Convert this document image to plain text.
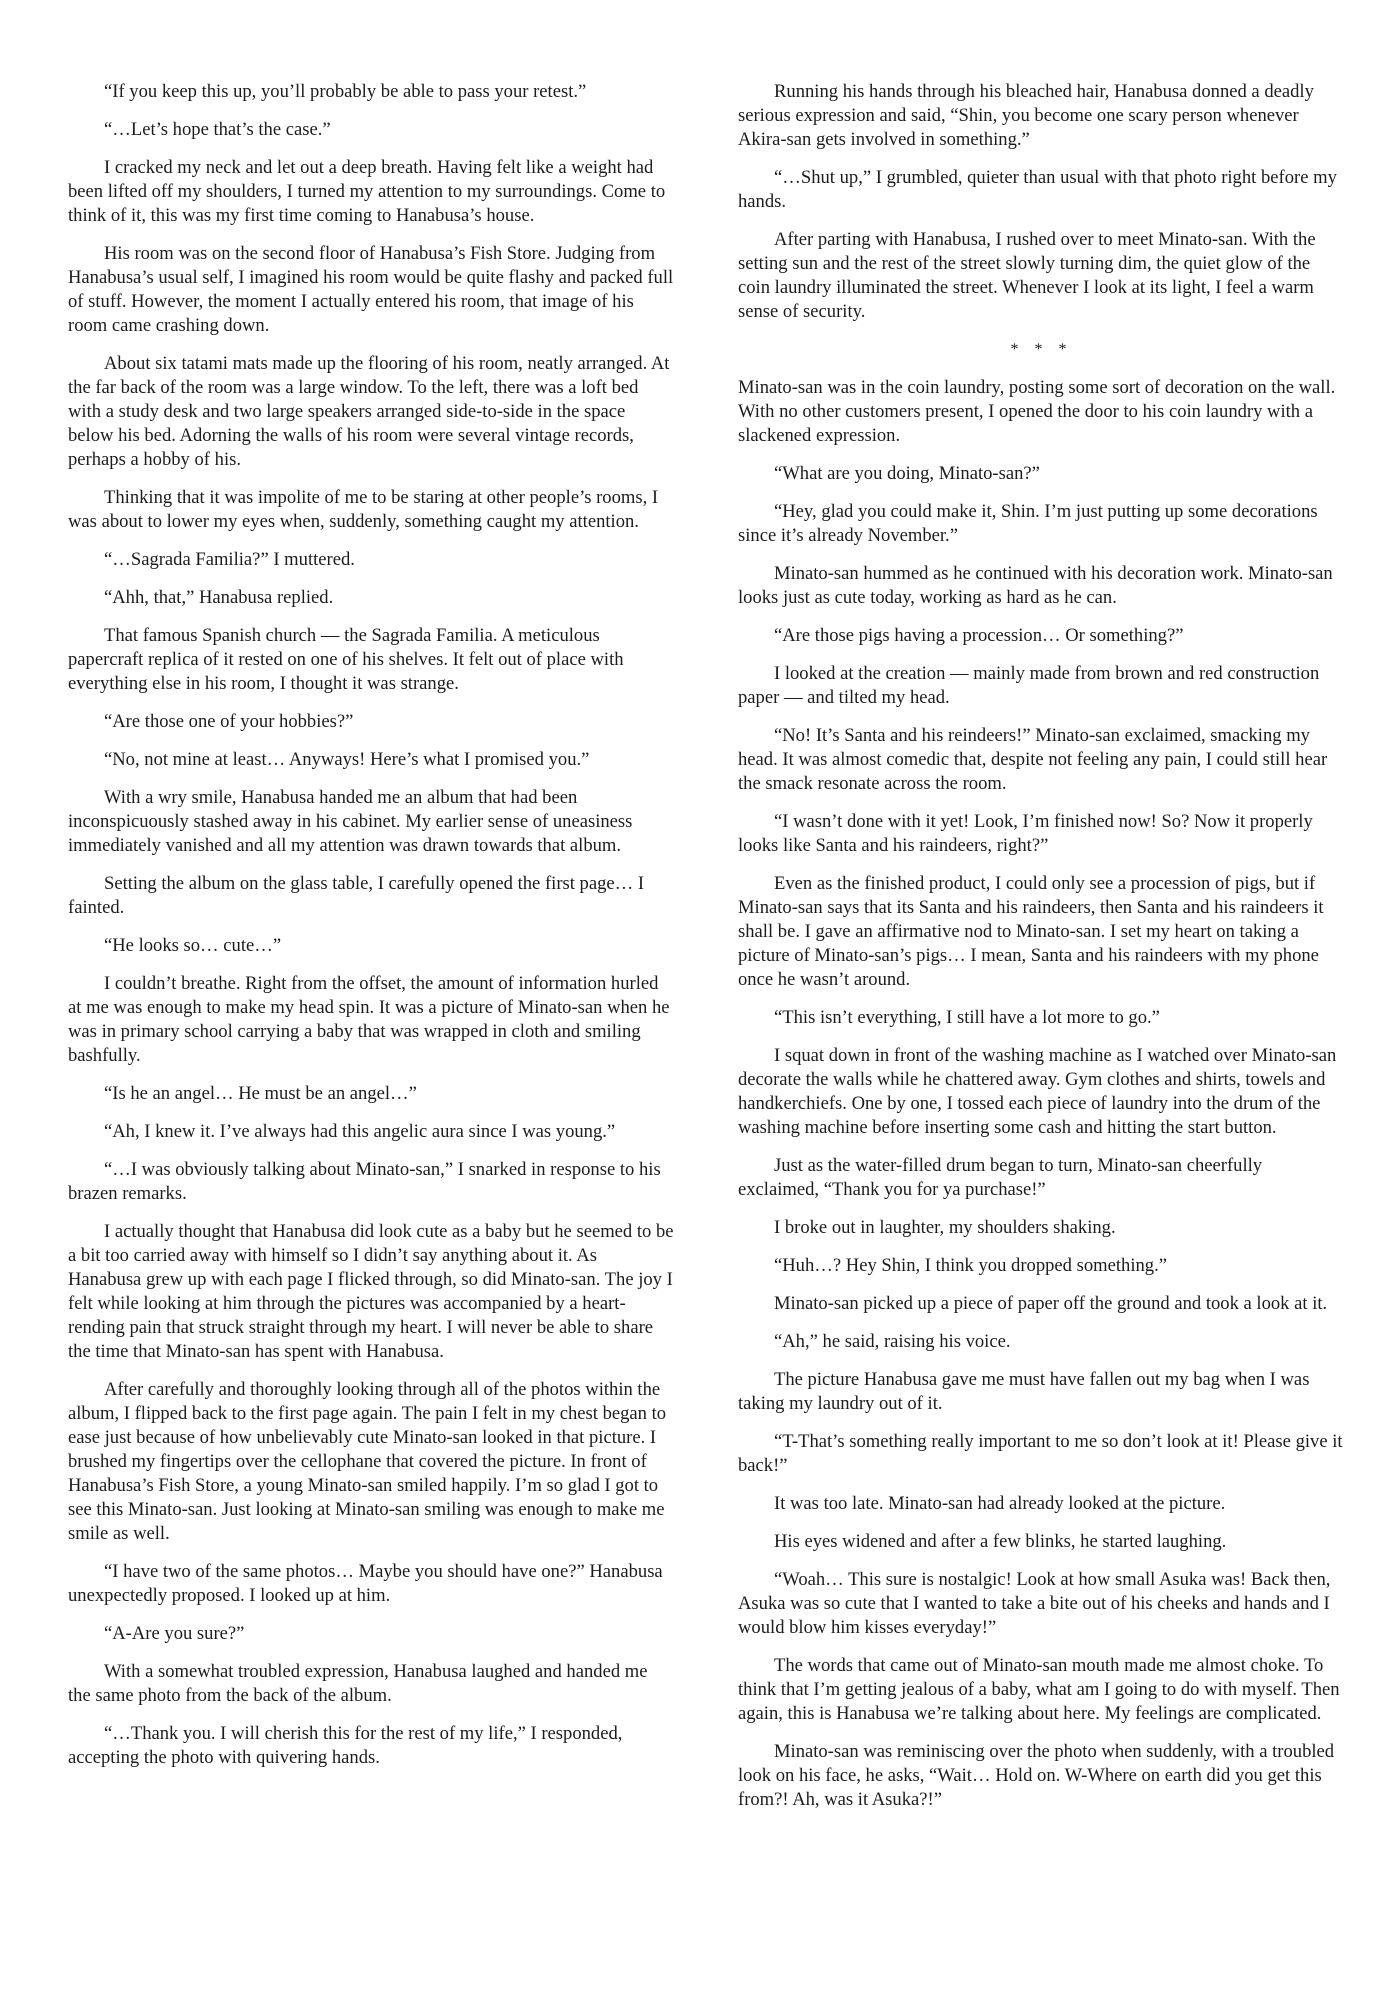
“If you keep this up, you’ll probably be able to pass your retest.”

“…Let’s hope that’s the case.”

I cracked my neck and let out a deep breath. Having felt like a weight had been lifted off my shoulders, I turned my attention to my surroundings. Come to think of it, this was my first time coming to Hanabusa’s house.

His room was on the second floor of Hanabusa’s Fish Store. Judging from Hanabusa’s usual self, I imagined his room would be quite flashy and packed full of stuff. However, the moment I actually entered his room, that image of his room came crashing down.

About six tatami mats made up the flooring of his room, neatly arranged. At the far back of the room was a large window. To the left, there was a loft bed with a study desk and two large speakers arranged side-to-side in the space below his bed. Adorning the walls of his room were several vintage records, perhaps a hobby of his.

Thinking that it was impolite of me to be staring at other people’s rooms, I was about to lower my eyes when, suddenly, something caught my attention.

“…Sagrada Familia?” I muttered.

“Ahh, that,” Hanabusa replied.

That famous Spanish church — the Sagrada Familia. A meticulous papercraft replica of it rested on one of his shelves. It felt out of place with everything else in his room, I thought it was strange.

“Are those one of your hobbies?”

“No, not mine at least… Anyways! Here’s what I promised you.”

With a wry smile, Hanabusa handed me an album that had been inconspicuously stashed away in his cabinet. My earlier sense of uneasiness immediately vanished and all my attention was drawn towards that album.

Setting the album on the glass table, I carefully opened the first page… I fainted.

“He looks so… cute…”

I couldn’t breathe. Right from the offset, the amount of information hurled at me was enough to make my head spin. It was a picture of Minato-san when he was in primary school carrying a baby that was wrapped in cloth and smiling bashfully.

“Is he an angel… He must be an angel…”

“Ah, I knew it. I’ve always had this angelic aura since I was young.”

“…I was obviously talking about Minato-san,” I snarked in response to his brazen remarks.

I actually thought that Hanabusa did look cute as a baby but he seemed to be a bit too carried away with himself so I didn’t say anything about it. As Hanabusa grew up with each page I flicked through, so did Minato-san. The joy I felt while looking at him through the pictures was accompanied by a heart-rending pain that struck straight through my heart. I will never be able to share the time that Minato-san has spent with Hanabusa.

After carefully and thoroughly looking through all of the photos within the album, I flipped back to the first page again. The pain I felt in my chest began to ease just because of how unbelievably cute Minato-san looked in that picture. I brushed my fingertips over the cellophane that covered the picture. In front of Hanabusa’s Fish Store, a young Minato-san smiled happily. I’m so glad I got to see this Minato-san. Just looking at Minato-san smiling was enough to make me smile as well.

“I have two of the same photos… Maybe you should have one?” Hanabusa unexpectedly proposed. I looked up at him.

“A-Are you sure?”

With a somewhat troubled expression, Hanabusa laughed and handed me the same photo from the back of the album.

“…Thank you. I will cherish this for the rest of my life,” I responded, accepting the photo with quivering hands.

Running his hands through his bleached hair, Hanabusa donned a deadly serious expression and said, “Shin, you become one scary person whenever Akira-san gets involved in something.”

“…Shut up,” I grumbled, quieter than usual with that photo right before my hands.

After parting with Hanabusa, I rushed over to meet Minato-san. With the setting sun and the rest of the street slowly turning dim, the quiet glow of the coin laundry illuminated the street. Whenever I look at its light, I feel a warm sense of security.

* * *

Minato-san was in the coin laundry, posting some sort of decoration on the wall. With no other customers present, I opened the door to his coin laundry with a slackened expression.

“What are you doing, Minato-san?”

“Hey, glad you could make it, Shin. I’m just putting up some decorations since it’s already November.”

Minato-san hummed as he continued with his decoration work. Minato-san looks just as cute today, working as hard as he can.

“Are those pigs having a procession… Or something?”

I looked at the creation — mainly made from brown and red construction paper — and tilted my head.

“No! It’s Santa and his reindeers!” Minato-san exclaimed, smacking my head. It was almost comedic that, despite not feeling any pain, I could still hear the smack resonate across the room.

“I wasn’t done with it yet! Look, I’m finished now! So? Now it properly looks like Santa and his raindeers, right?”

Even as the finished product, I could only see a procession of pigs, but if Minato-san says that its Santa and his raindeers, then Santa and his raindeers it shall be. I gave an affirmative nod to Minato-san. I set my heart on taking a picture of Minato-san’s pigs… I mean, Santa and his raindeers with my phone once he wasn’t around.

“This isn’t everything, I still have a lot more to go.”

I squat down in front of the washing machine as I watched over Minato-san decorate the walls while he chattered away. Gym clothes and shirts, towels and handkerchiefs. One by one, I tossed each piece of laundry into the drum of the washing machine before inserting some cash and hitting the start button.

Just as the water-filled drum began to turn, Minato-san cheerfully exclaimed, “Thank you for ya purchase!”

I broke out in laughter, my shoulders shaking.

“Huh…? Hey Shin, I think you dropped something.”

Minato-san picked up a piece of paper off the ground and took a look at it.

“Ah,” he said, raising his voice.

The picture Hanabusa gave me must have fallen out my bag when I was taking my laundry out of it.

“T-That’s something really important to me so don’t look at it! Please give it back!”

It was too late. Minato-san had already looked at the picture.

His eyes widened and after a few blinks, he started laughing.

“Woah… This sure is nostalgic! Look at how small Asuka was! Back then, Asuka was so cute that I wanted to take a bite out of his cheeks and hands and I would blow him kisses everyday!”

The words that came out of Minato-san mouth made me almost choke. To think that I’m getting jealous of a baby, what am I going to do with myself. Then again, this is Hanabusa we’re talking about here. My feelings are complicated.

Minato-san was reminiscing over the photo when suddenly, with a troubled look on his face, he asks, “Wait… Hold on. W-Where on earth did you get this from?! Ah, was it Asuka?!”
